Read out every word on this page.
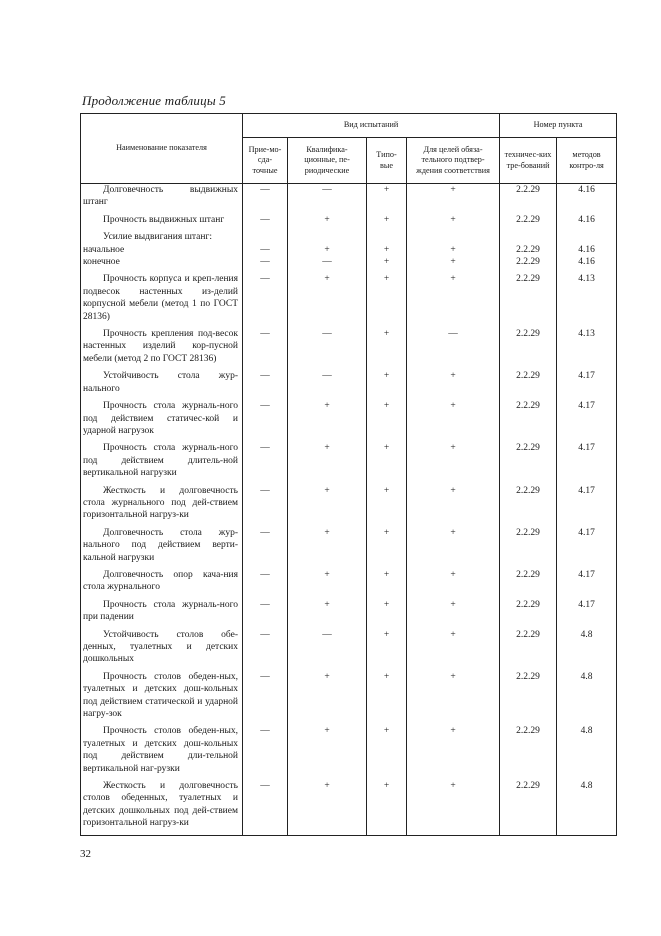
Продолжение таблицы 5
Наименование показателя	Вид испытаний				Номер пункта	
	Прие-мо-сда-точные	Квалифика-ционные, пе-риодические	Типо-вые	Для целей обяза-тельного подтвер-ждения соответствия	техничес-ких тре-бований	методов контро-ля
Долговечность выдвижных штанг	—	—	+	+	2.2.29	4.16
Прочность выдвижных штанг	—	+	+	+	2.2.29	4.16
Усилие выдвигания штанг:						
начальное	—	+	+	+	2.2.29	4.16
конечное	—	—	+	+	2.2.29	4.16
Прочность корпуса и креп-ления подвесок настенных из-делий корпусной мебели (метод 1 по ГОСТ 28136)	—	+	+	+	2.2.29	4.13
Прочность крепления под-весок настенных изделий кор-пусной мебели (метод 2 по ГОСТ 28136)	—	—	+	—	2.2.29	4.13
Устойчивость стола жур-нального	—	—	+	+	2.2.29	4.17
Прочность стола журналь-ного под действием статичес-кой и ударной нагрузок	—	+	+	+	2.2.29	4.17
Прочность стола журналь-ного под действием длитель-ной вертикальной нагрузки	—	+	+	+	2.2.29	4.17
Жесткость и долговечность стола журнального под дей-ствием горизонтальной нагруз-ки	—	+	+	+	2.2.29	4.17
Долговечность стола жур-нального под действием верти-кальной нагрузки	—	+	+	+	2.2.29	4.17
Долговечность опор кача-ния стола журнального	—	+	+	+	2.2.29	4.17
Прочность стола журналь-ного при падении	—	+	+	+	2.2.29	4.17
Устойчивость столов обе-денных, туалетных и детских дошкольных	—	—	+	+	2.2.29	4.8
Прочность столов обеден-ных, туалетных и детских дош-кольных под действием статической и ударной нагру-зок	—	+	+	+	2.2.29	4.8
Прочность столов обеден-ных, туалетных и детских дош-кольных под действием дли-тельной вертикальной наг-рузки	—	+	+	+	2.2.29	4.8
Жесткость и долговечность столов обеденных, туалетных и детских дошкольных под дей-ствием горизонтальной нагруз-ки	—	+	+	+	2.2.29	4.8
32
